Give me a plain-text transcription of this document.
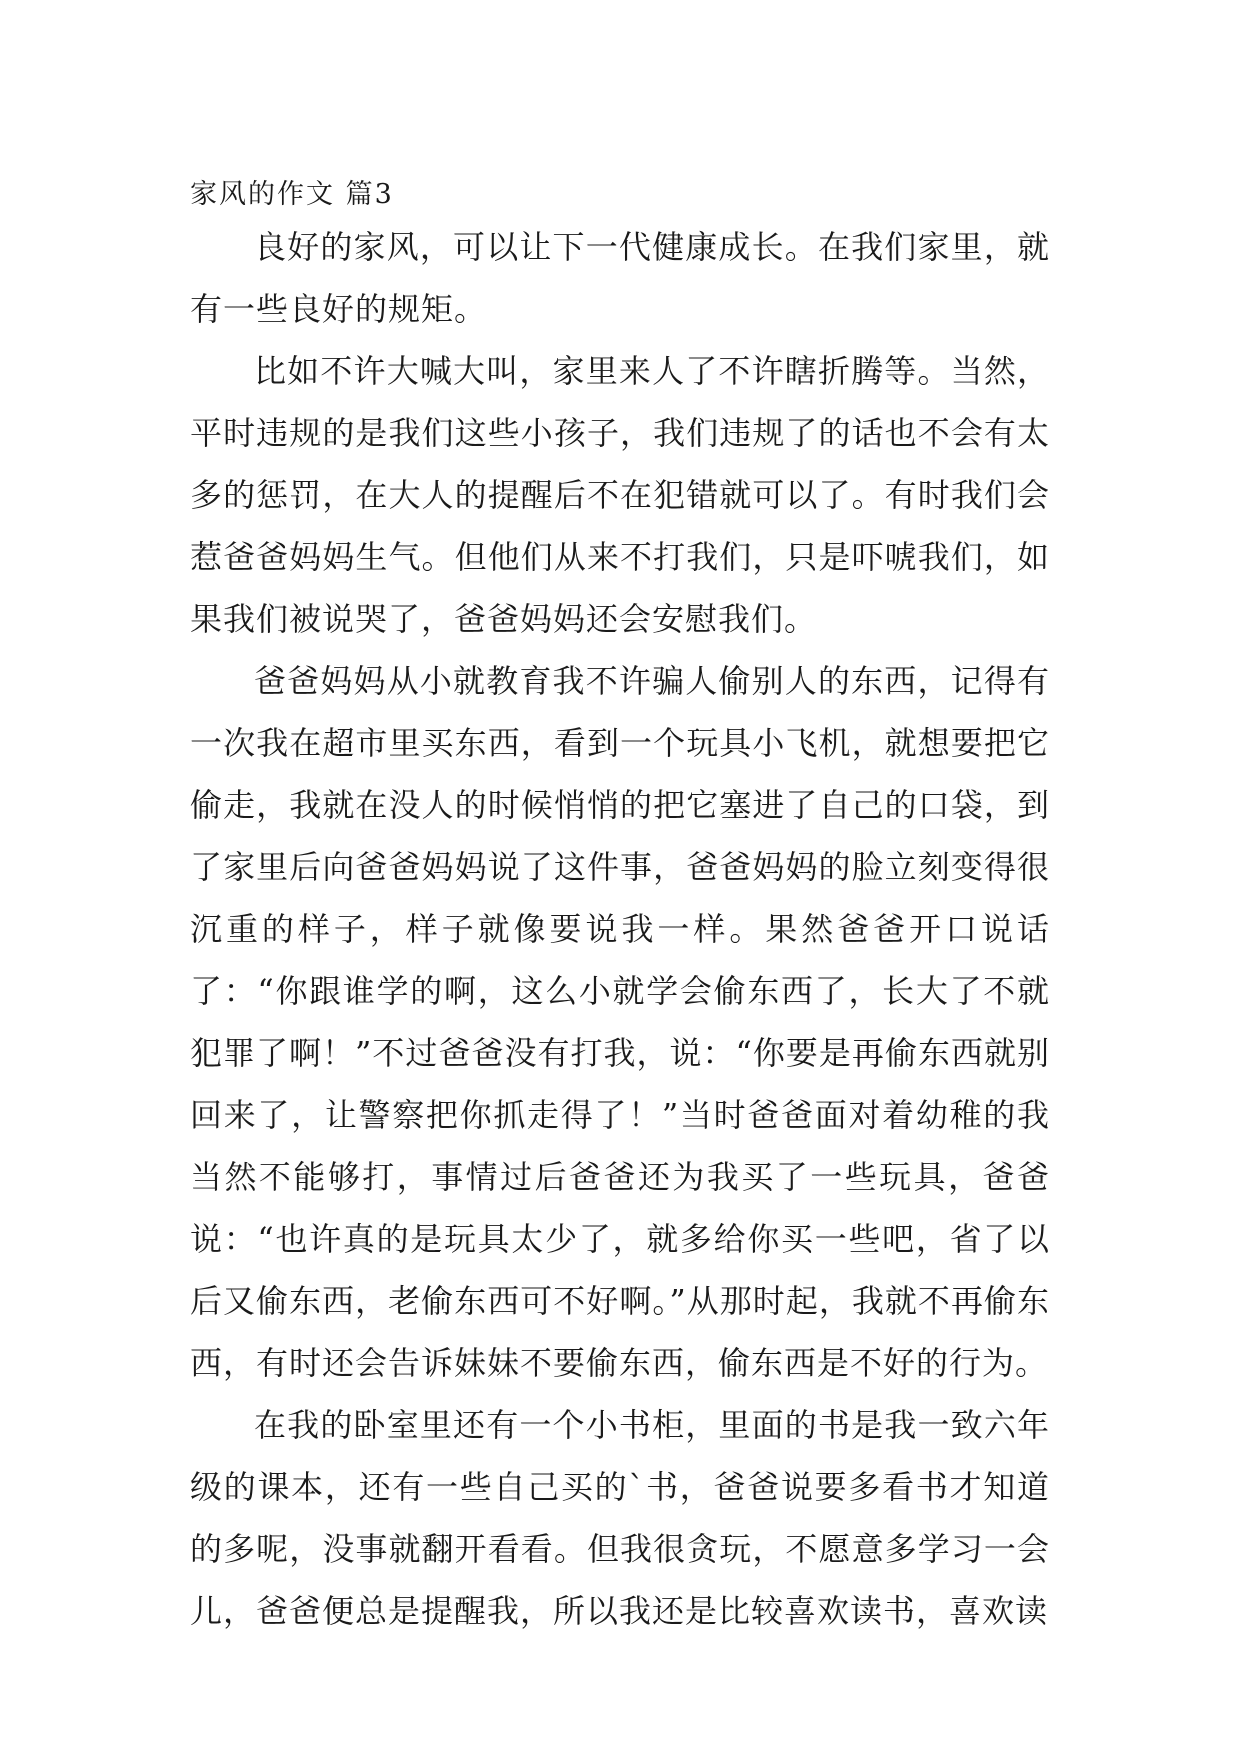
家风的作文 篇3

良好的家风，可以让下一代健康成长。在我们家里，就有一些良好的规矩。

比如不许大喊大叫，家里来人了不许瞎折腾等。当然，平时违规的是我们这些小孩子，我们违规了的话也不会有太多的惩罚，在大人的提醒后不在犯错就可以了。有时我们会惹爸爸妈妈生气。但他们从来不打我们，只是吓唬我们，如果我们被说哭了，爸爸妈妈还会安慰我们。

爸爸妈妈从小就教育我不许骗人偷别人的东西，记得有一次我在超市里买东西，看到一个玩具小飞机，就想要把它偷走，我就在没人的时候悄悄的把它塞进了自己的口袋，到了家里后向爸爸妈妈说了这件事，爸爸妈妈的脸立刻变得很沉重的样子，样子就像要说我一样。果然爸爸开口说话了：“你跟谁学的啊，这么小就学会偷东西了，长大了不就犯罪了啊！”不过爸爸没有打我，说：“你要是再偷东西就别回来了，让警察把你抓走得了！”当时爸爸面对着幼稚的我当然不能够打，事情过后爸爸还为我买了一些玩具，爸爸说：“也许真的是玩具太少了，就多给你买一些吧，省了以后又偷东西，老偷东西可不好啊。”从那时起，我就不再偷东西，有时还会告诉妹妹不要偷东西，偷东西是不好的行为。

在我的卧室里还有一个小书柜，里面的书是我一致六年级的课本，还有一些自己买的`书，爸爸说要多看书才知道的多呢，没事就翻开看看。但我很贪玩，不愿意多学习一会儿，爸爸便总是提醒我，所以我还是比较喜欢读书，喜欢读
